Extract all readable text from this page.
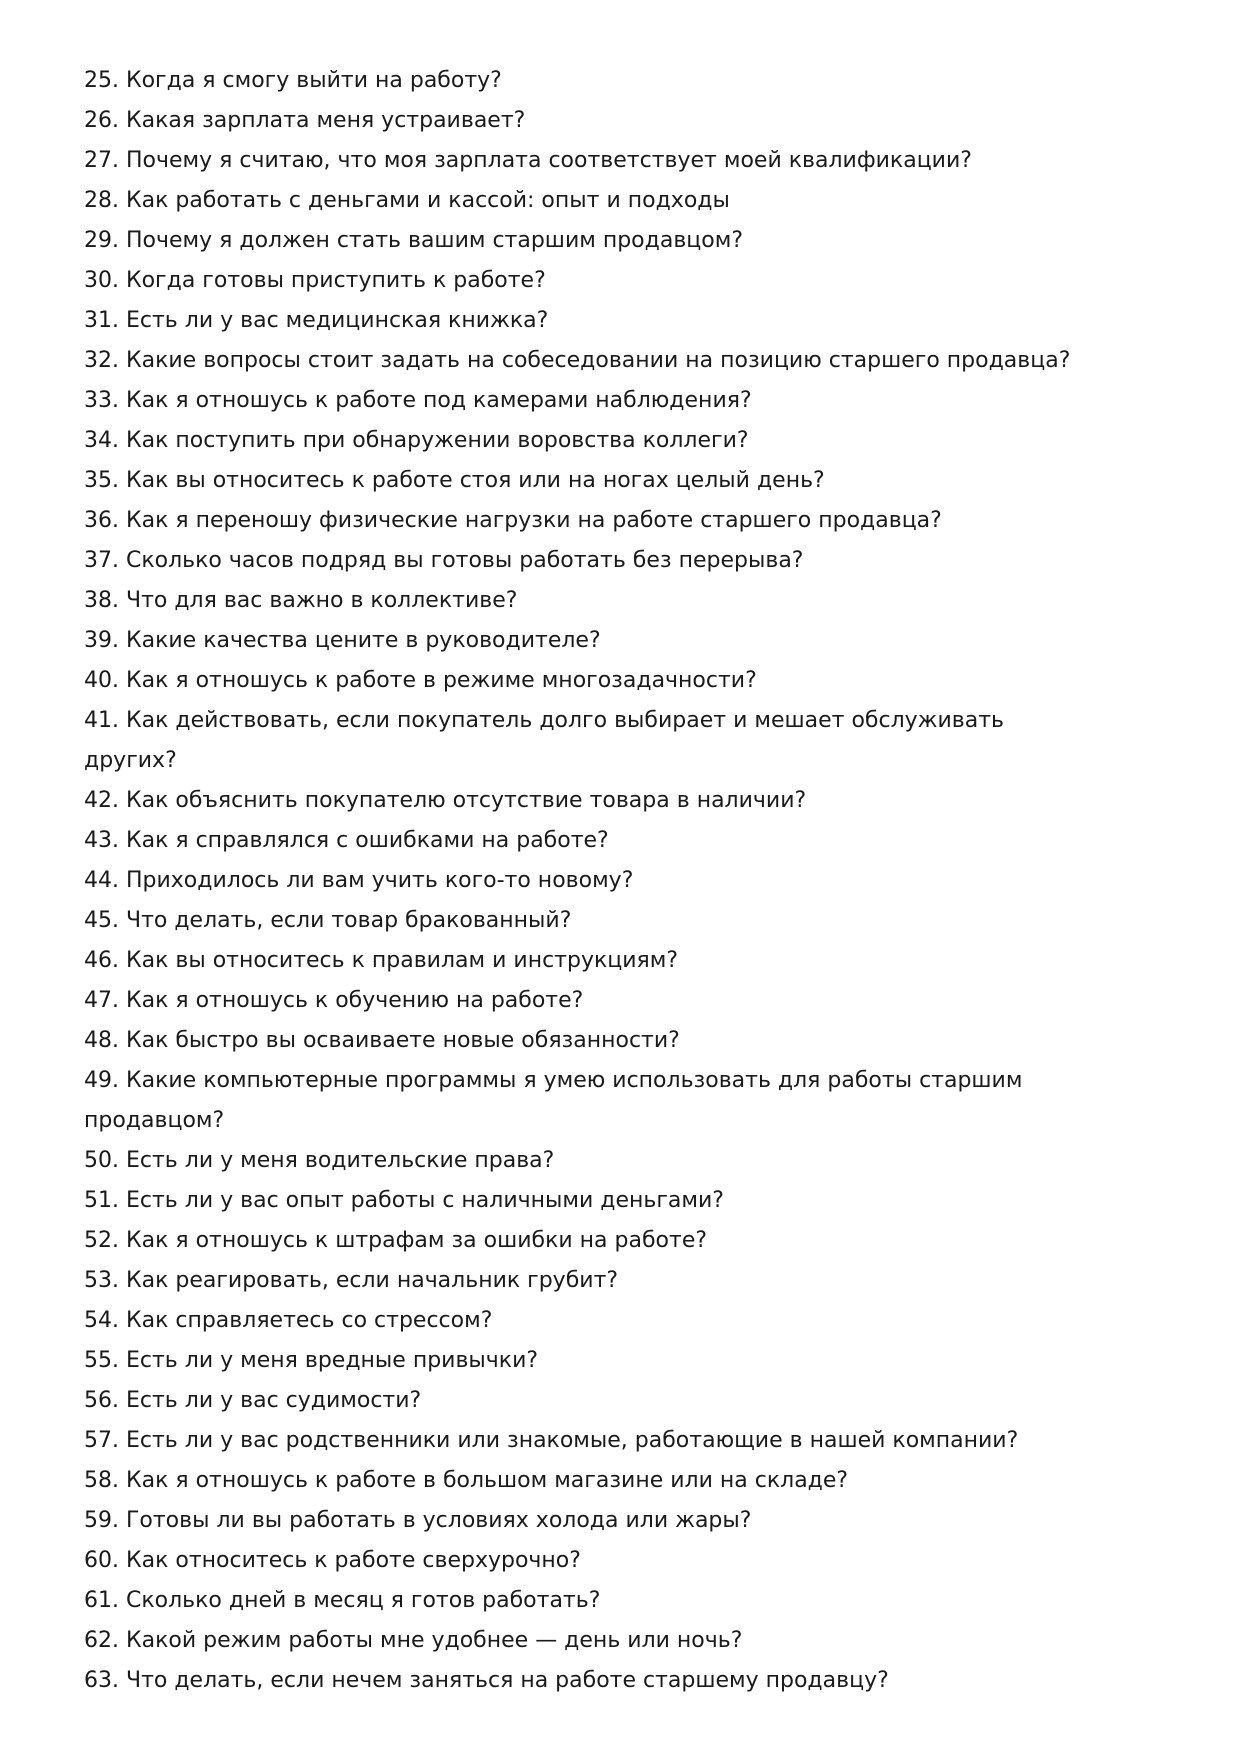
25. Когда я смогу выйти на работу?
26. Какая зарплата меня устраивает?
27. Почему я считаю, что моя зарплата соответствует моей квалификации?
28. Как работать с деньгами и кассой: опыт и подходы
29. Почему я должен стать вашим старшим продавцом?
30. Когда готовы приступить к работе?
31. Есть ли у вас медицинская книжка?
32. Какие вопросы стоит задать на собеседовании на позицию старшего продавца?
33. Как я отношусь к работе под камерами наблюдения?
34. Как поступить при обнаружении воровства коллеги?
35. Как вы относитесь к работе стоя или на ногах целый день?
36. Как я переношу физические нагрузки на работе старшего продавца?
37. Сколько часов подряд вы готовы работать без перерыва?
38. Что для вас важно в коллективе?
39. Какие качества цените в руководителе?
40. Как я отношусь к работе в режиме многозадачности?
41. Как действовать, если покупатель долго выбирает и мешает обслуживать других?
42. Как объяснить покупателю отсутствие товара в наличии?
43. Как я справлялся с ошибками на работе?
44. Приходилось ли вам учить кого-то новому?
45. Что делать, если товар бракованный?
46. Как вы относитесь к правилам и инструкциям?
47. Как я отношусь к обучению на работе?
48. Как быстро вы осваиваете новые обязанности?
49. Какие компьютерные программы я умею использовать для работы старшим продавцом?
50. Есть ли у меня водительские права?
51. Есть ли у вас опыт работы с наличными деньгами?
52. Как я отношусь к штрафам за ошибки на работе?
53. Как реагировать, если начальник грубит?
54. Как справляетесь со стрессом?
55. Есть ли у меня вредные привычки?
56. Есть ли у вас судимости?
57. Есть ли у вас родственники или знакомые, работающие в нашей компании?
58. Как я отношусь к работе в большом магазине или на складе?
59. Готовы ли вы работать в условиях холода или жары?
60. Как относитесь к работе сверхурочно?
61. Сколько дней в месяц я готов работать?
62. Какой режим работы мне удобнее — день или ночь?
63. Что делать, если нечем заняться на работе старшему продавцу?
